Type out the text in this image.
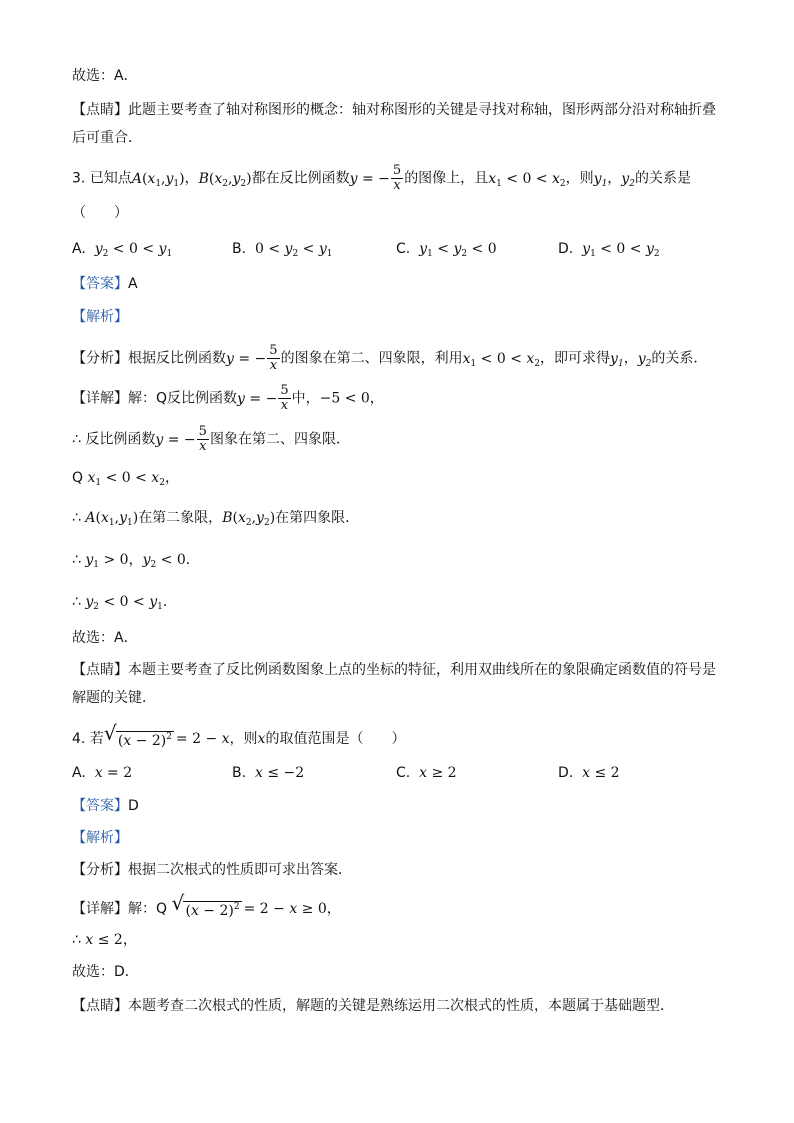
故选：A．
【点睛】此题主要考查了轴对称图形的概念：轴对称图形的关键是寻找对称轴，图形两部分沿对称轴折叠
后可重合．
3. 已知点$A(x_1,y_1)$，$B(x_2,y_2)$都在反比例函数y = − $\frac{5}{x}$ 的图像上，且$x_1 < 0 < x_2$，则$y_1$，$y_2$的关系是
（　　）
A. $y_2 < 0 < y_1$	B. $0 < y_2 < y_1$	C. $y_1 < y_2 < 0$	D. $y_1 < 0 < y_2$
【答案】A
【解析】
【分析】根据反比例函数y = − $\frac{5}{x}$ 的图象在第二、四象限，利用$x_1 < 0 < x_2$，即可求得$y_1$，$y_2$的关系．
【详解】解：Q反比例函数y = − $\frac{5}{x}$ 中，−5 < 0，
∴ 反比例函数y = − $\frac{5}{x}$ 图象在第二、四象限．
Q $x_1 < 0 < x_2$，
∴ $A(x_1,y_1)$在第二象限，$B(x_2,y_2)$在第四象限．
∴ $y_1 > 0$，$y_2 < 0$．
∴ $y_2 < 0 < y_1$．
故选：A．
【点睛】本题主要考查了反比例函数图象上点的坐标的特征，利用双曲线所在的象限确定函数值的符号是
解题的关键．
4. 若 √ $(x - 2)^2 = 2 - x$，则x的取值范围是（　　）
A. x = 2	B. x ≤ −2	C. x ≥ 2	D. x ≤ 2
【答案】D
【解析】
【分析】根据二次根式的性质即可求出答案．
【详解】解：Q √ $(x - 2)^2 = 2 - x \ge 0$，
∴ x ≤ 2，
故选：D．
【点睛】本题考查二次根式的性质，解题的关键是熟练运用二次根式的性质，本题属于基础题型．
